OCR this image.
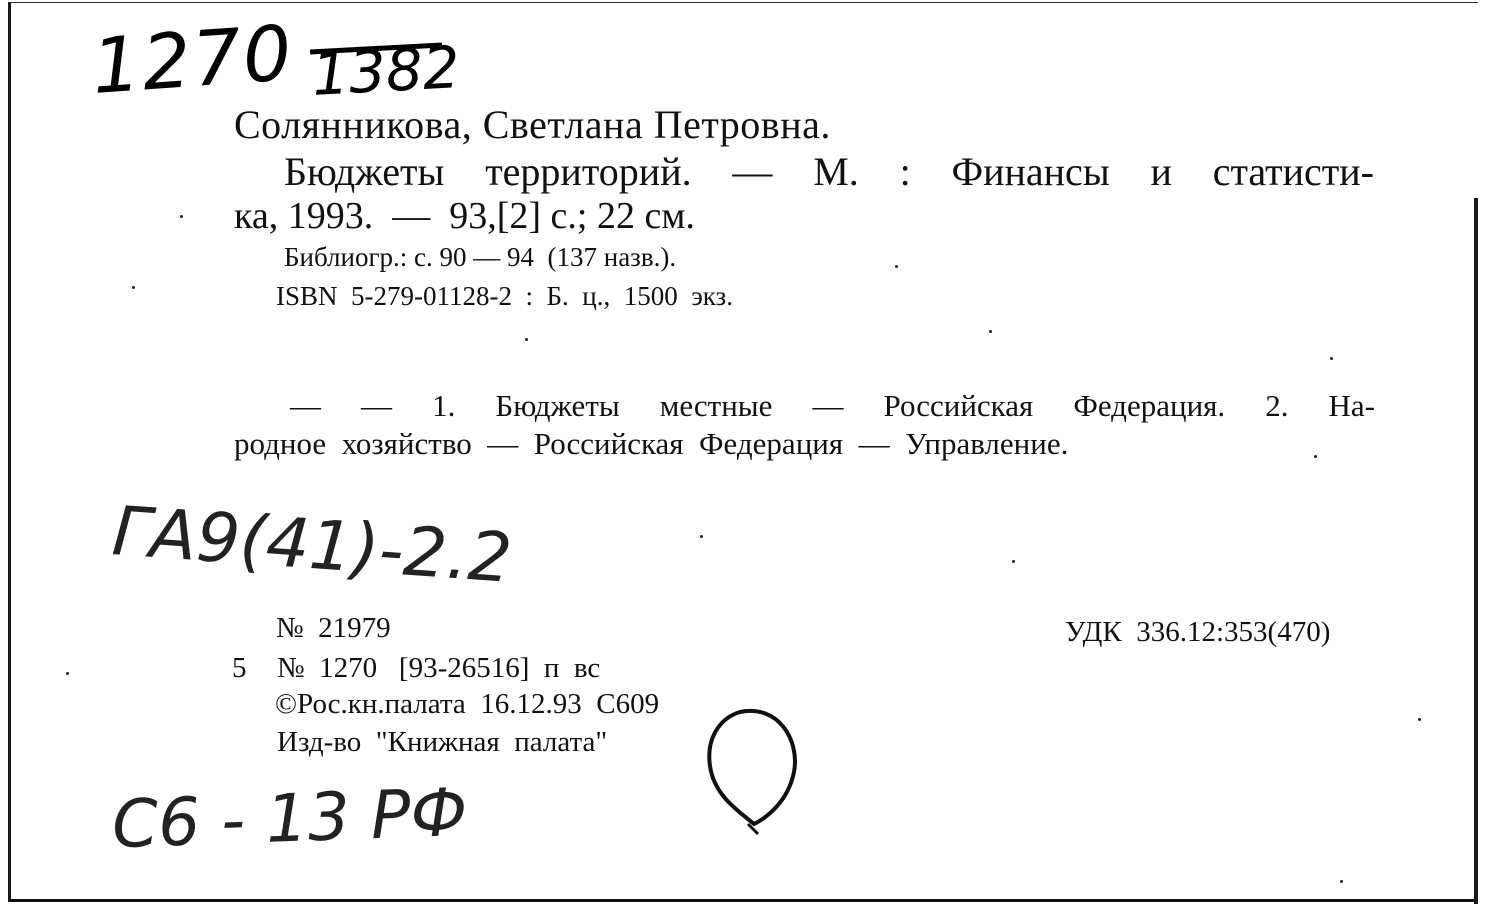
1270 1382
Солянникова, Светлана Петровна.
Бюджеты территорий. — М. : Финансы и статисти-
ка, 1993.  —  93,[2] с.; 22 см.
Библиогр.: с. 90 — 94  (137 назв.).
ISBN  5-279-01128-2  :  Б.  ц.,  1500  экз.
— — 1. Бюджеты местные — Российская Федерация. 2. На-
родное  хозяйство  —  Российская  Федерация  —  Управление.
ГА9(41)-2.2
№  21979	УДК  336.12:353(470)
5 №  1270   [93-26516]  п  вс
©Рос.кн.палата  16.12.93  С609
Изд-во  "Книжная  палата"
С6 - 13 РФ
